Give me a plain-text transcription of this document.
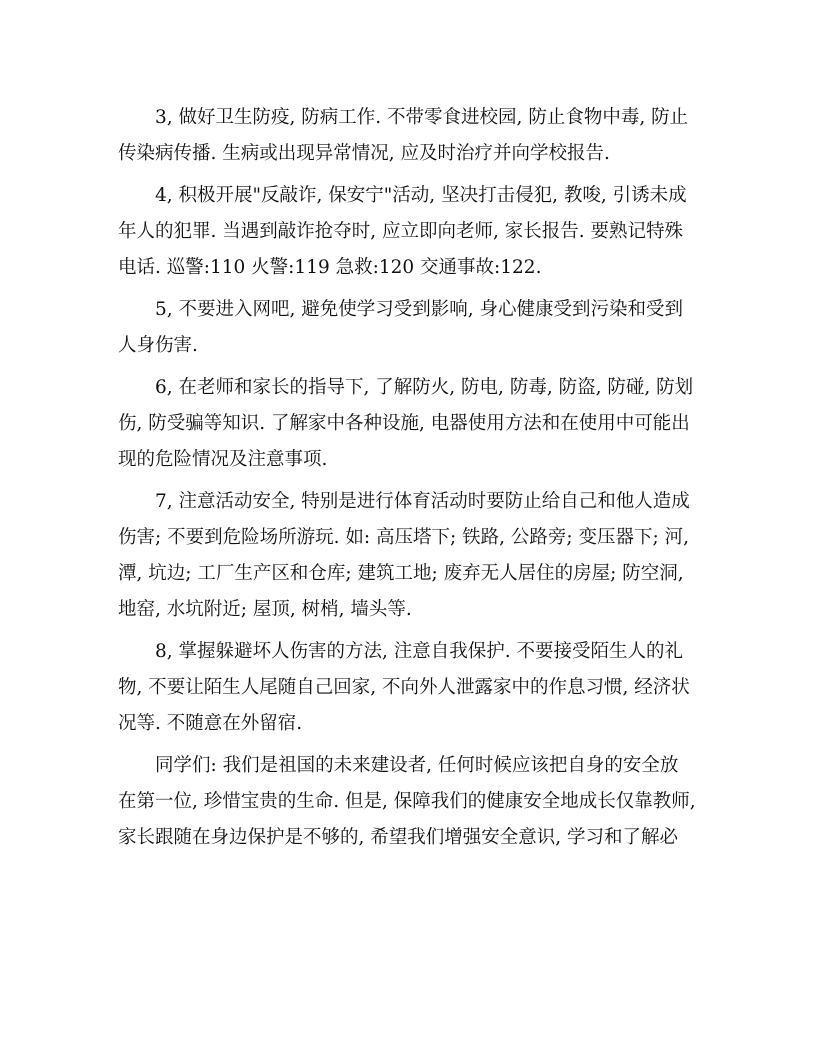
3, 做好卫生防疫, 防病工作. 不带零食进校园, 防止食物中毒, 防止
传染病传播. 生病或出现异常情况, 应及时治疗并向学校报告.
4, 积极开展"反敲诈, 保安宁"活动, 坚决打击侵犯, 教唆, 引诱未成
年人的犯罪. 当遇到敲诈抢夺时, 应立即向老师, 家长报告. 要熟记特殊
电话. 巡警:110 火警:119 急救:120 交通事故:122.
5, 不要进入网吧, 避免使学习受到影响, 身心健康受到污染和受到
人身伤害.
6, 在老师和家长的指导下, 了解防火, 防电, 防毒, 防盗, 防碰, 防划
伤, 防受骗等知识. 了解家中各种设施, 电器使用方法和在使用中可能出
现的危险情况及注意事项.
7, 注意活动安全, 特别是进行体育活动时要防止给自己和他人造成
伤害; 不要到危险场所游玩. 如: 高压塔下; 铁路, 公路旁; 变压器下; 河,
潭, 坑边; 工厂生产区和仓库; 建筑工地; 废弃无人居住的房屋; 防空洞,
地窑, 水坑附近; 屋顶, 树梢, 墙头等.
8, 掌握躲避坏人伤害的方法, 注意自我保护. 不要接受陌生人的礼
物, 不要让陌生人尾随自己回家, 不向外人泄露家中的作息习惯, 经济状
况等. 不随意在外留宿.
同学们: 我们是祖国的未来建设者, 任何时候应该把自身的安全放
在第一位, 珍惜宝贵的生命. 但是, 保障我们的健康安全地成长仅靠教师,
家长跟随在身边保护是不够的, 希望我们增强安全意识, 学习和了解必
